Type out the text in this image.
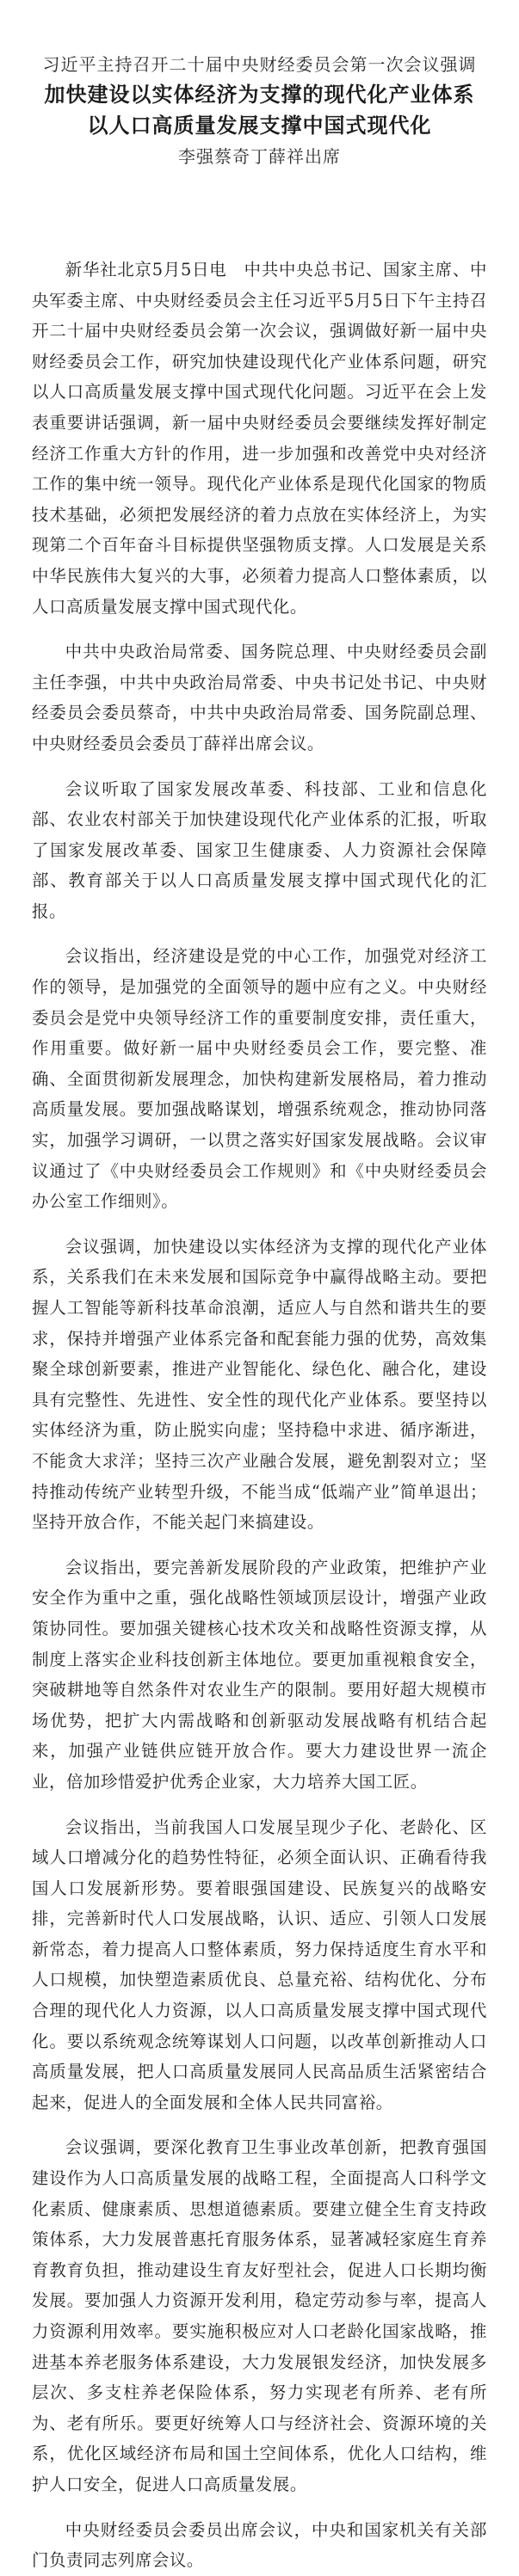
习近平主持召开二十届中央财经委员会第一次会议强调
加快建设以实体经济为支撑的现代化产业体系
以人口高质量发展支撑中国式现代化
李强蔡奇丁薛祥出席

新华社北京5月5日电　中共中央总书记、国家主席、中央军委主席、中央财经委员会主任习近平5月5日下午主持召开二十届中央财经委员会第一次会议，强调做好新一届中央财经委员会工作，研究加快建设现代化产业体系问题，研究以人口高质量发展支撑中国式现代化问题。习近平在会上发表重要讲话强调，新一届中央财经委员会要继续发挥好制定经济工作重大方针的作用，进一步加强和改善党中央对经济工作的集中统一领导。现代化产业体系是现代化国家的物质技术基础，必须把发展经济的着力点放在实体经济上，为实现第二个百年奋斗目标提供坚强物质支撑。人口发展是关系中华民族伟大复兴的大事，必须着力提高人口整体素质，以人口高质量发展支撑中国式现代化。

中共中央政治局常委、国务院总理、中央财经委员会副主任李强，中共中央政治局常委、中央书记处书记、中央财经委员会委员蔡奇，中共中央政治局常委、国务院副总理、中央财经委员会委员丁薛祥出席会议。

会议听取了国家发展改革委、科技部、工业和信息化部、农业农村部关于加快建设现代化产业体系的汇报，听取了国家发展改革委、国家卫生健康委、人力资源社会保障部、教育部关于以人口高质量发展支撑中国式现代化的汇报。

会议指出，经济建设是党的中心工作，加强党对经济工作的领导，是加强党的全面领导的题中应有之义。中央财经委员会是党中央领导经济工作的重要制度安排，责任重大，作用重要。做好新一届中央财经委员会工作，要完整、准确、全面贯彻新发展理念，加快构建新发展格局，着力推动高质量发展。要加强战略谋划，增强系统观念，推动协同落实，加强学习调研，一以贯之落实好国家发展战略。会议审议通过了《中央财经委员会工作规则》和《中央财经委员会办公室工作细则》。

会议强调，加快建设以实体经济为支撑的现代化产业体系，关系我们在未来发展和国际竞争中赢得战略主动。要把握人工智能等新科技革命浪潮，适应人与自然和谐共生的要求，保持并增强产业体系完备和配套能力强的优势，高效集聚全球创新要素，推进产业智能化、绿色化、融合化，建设具有完整性、先进性、安全性的现代化产业体系。要坚持以实体经济为重，防止脱实向虚；坚持稳中求进、循序渐进，不能贪大求洋；坚持三次产业融合发展，避免割裂对立；坚持推动传统产业转型升级，不能当成“低端产业”简单退出；坚持开放合作，不能关起门来搞建设。

会议指出，要完善新发展阶段的产业政策，把维护产业安全作为重中之重，强化战略性领域顶层设计，增强产业政策协同性。要加强关键核心技术攻关和战略性资源支撑，从制度上落实企业科技创新主体地位。要更加重视粮食安全，突破耕地等自然条件对农业生产的限制。要用好超大规模市场优势，把扩大内需战略和创新驱动发展战略有机结合起来，加强产业链供应链开放合作。要大力建设世界一流企业，倍加珍惜爱护优秀企业家，大力培养大国工匠。

会议指出，当前我国人口发展呈现少子化、老龄化、区域人口增减分化的趋势性特征，必须全面认识、正确看待我国人口发展新形势。要着眼强国建设、民族复兴的战略安排，完善新时代人口发展战略，认识、适应、引领人口发展新常态，着力提高人口整体素质，努力保持适度生育水平和人口规模，加快塑造素质优良、总量充裕、结构优化、分布合理的现代化人力资源，以人口高质量发展支撑中国式现代化。要以系统观念统筹谋划人口问题，以改革创新推动人口高质量发展，把人口高质量发展同人民高品质生活紧密结合起来，促进人的全面发展和全体人民共同富裕。

会议强调，要深化教育卫生事业改革创新，把教育强国建设作为人口高质量发展的战略工程，全面提高人口科学文化素质、健康素质、思想道德素质。要建立健全生育支持政策体系，大力发展普惠托育服务体系，显著减轻家庭生育养育教育负担，推动建设生育友好型社会，促进人口长期均衡发展。要加强人力资源开发利用，稳定劳动参与率，提高人力资源利用效率。要实施积极应对人口老龄化国家战略，推进基本养老服务体系建设，大力发展银发经济，加快发展多层次、多支柱养老保险体系，努力实现老有所养、老有所为、老有所乐。要更好统筹人口与经济社会、资源环境的关系，优化区域经济布局和国土空间体系，优化人口结构，维护人口安全，促进人口高质量发展。

中央财经委员会委员出席会议，中央和国家机关有关部门负责同志列席会议。
